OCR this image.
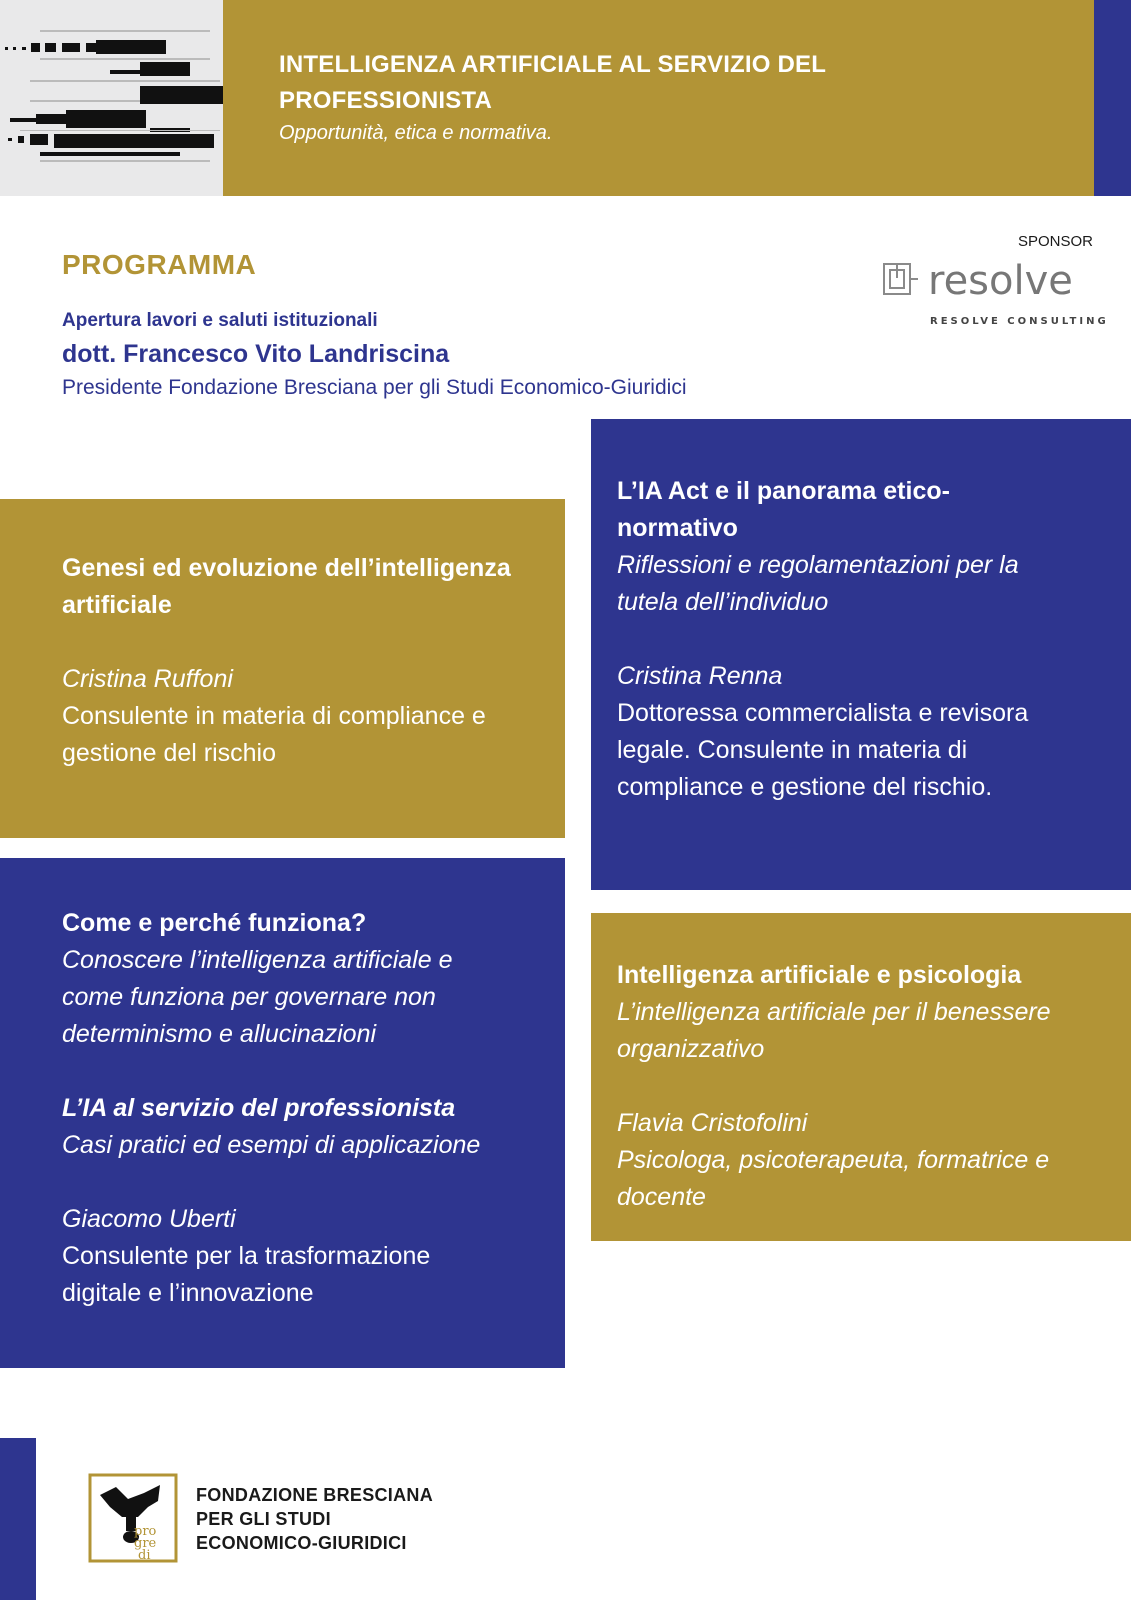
INTELLIGENZA ARTIFICIALE AL SERVIZIO DEL
PROFESSIONISTA
Opportunità, etica e normativa.
SPONSOR
resolve
RESOLVE CONSULTING
PROGRAMMA
Apertura lavori e saluti istituzionali
dott. Francesco Vito Landriscina
Presidente Fondazione Bresciana per gli Studi Economico-Giuridici

Genesi ed evoluzione dell’intelligenza
artificiale

Cristina Ruffoni

Consulente in materia di compliance e
gestione del rischio

L’IA Act e il panorama etico-
normativo

Riflessioni e regolamentazioni per la
tutela dell’individuo

Cristina Renna

Dottoressa commercialista e revisora
legale. Consulente in materia di
compliance e gestione del rischio.

Come e perché funziona?

Conoscere l’intelligenza artificiale e
come funziona per governare non
determinismo e allucinazioni

L’IA al servizio del professionista

Casi pratici ed esempi di applicazione

Giacomo Uberti

Consulente per la trasformazione
digitale e l’innovazione

Intelligenza artificiale e psicologia

L’intelligenza artificiale per il benessere
organizzativo

Flavia Cristofolini

Psicologa, psicoterapeuta, formatrice e
docente

pro
gre
di
FONDAZIONE BRESCIANA
PER GLI STUDI
ECONOMICO-GIURIDICI
